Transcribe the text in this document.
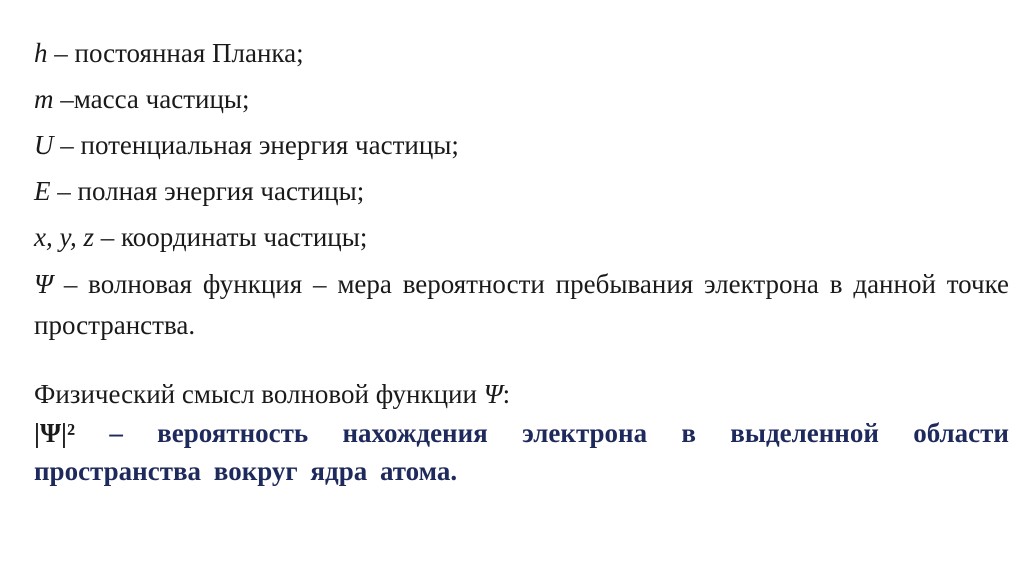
h – постоянная Планка;
m –масса частицы;
U – потенциальная энергия частицы;
E – полная энергия частицы;
x, y, z – координаты частицы;
Ψ – волновая функция – мера вероятности пребывания электрона в данной точке пространства.
Физический смысл волновой функции Ψ:
|Ψ|² – вероятность нахождения электрона в выделенной области пространства вокруг ядра атома.
